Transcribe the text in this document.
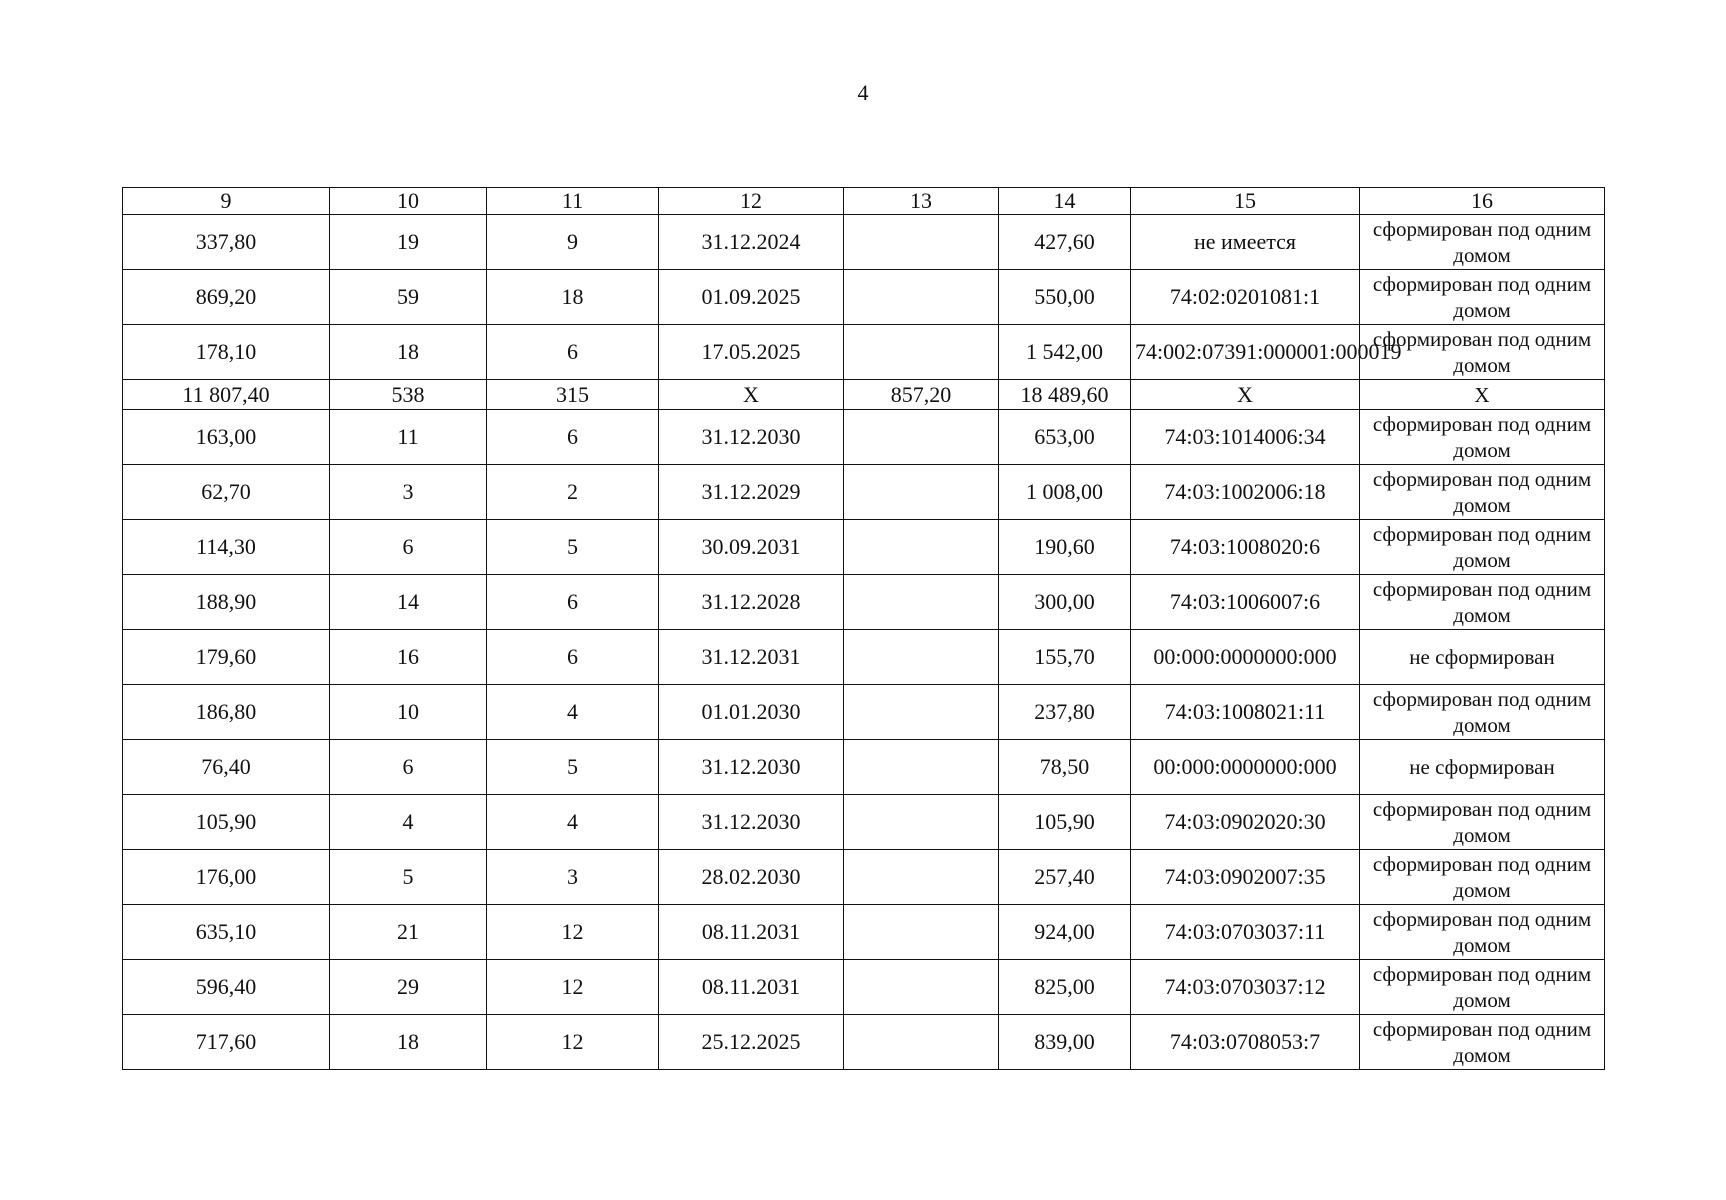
4
9	10	11	12	13	14	15	16
337,80	19	9	31.12.2024		427,60	не имеется	сформирован под одним домом
869,20	59	18	01.09.2025		550,00	74:02:0201081:1	сформирован под одним домом
178,10	18	6	17.05.2025		1 542,00	74:002:07391:000001:000019	сформирован под одним домом
11 807,40	538	315	X	857,20	18 489,60	X	X
163,00	11	6	31.12.2030		653,00	74:03:1014006:34	сформирован под одним домом
62,70	3	2	31.12.2029		1 008,00	74:03:1002006:18	сформирован под одним домом
114,30	6	5	30.09.2031		190,60	74:03:1008020:6	сформирован под одним домом
188,90	14	6	31.12.2028		300,00	74:03:1006007:6	сформирован под одним домом
179,60	16	6	31.12.2031		155,70	00:000:0000000:000	не сформирован
186,80	10	4	01.01.2030		237,80	74:03:1008021:11	сформирован под одним домом
76,40	6	5	31.12.2030		78,50	00:000:0000000:000	не сформирован
105,90	4	4	31.12.2030		105,90	74:03:0902020:30	сформирован под одним домом
176,00	5	3	28.02.2030		257,40	74:03:0902007:35	сформирован под одним домом
635,10	21	12	08.11.2031		924,00	74:03:0703037:11	сформирован под одним домом
596,40	29	12	08.11.2031		825,00	74:03:0703037:12	сформирован под одним домом
717,60	18	12	25.12.2025		839,00	74:03:0708053:7	сформирован под одним домом
